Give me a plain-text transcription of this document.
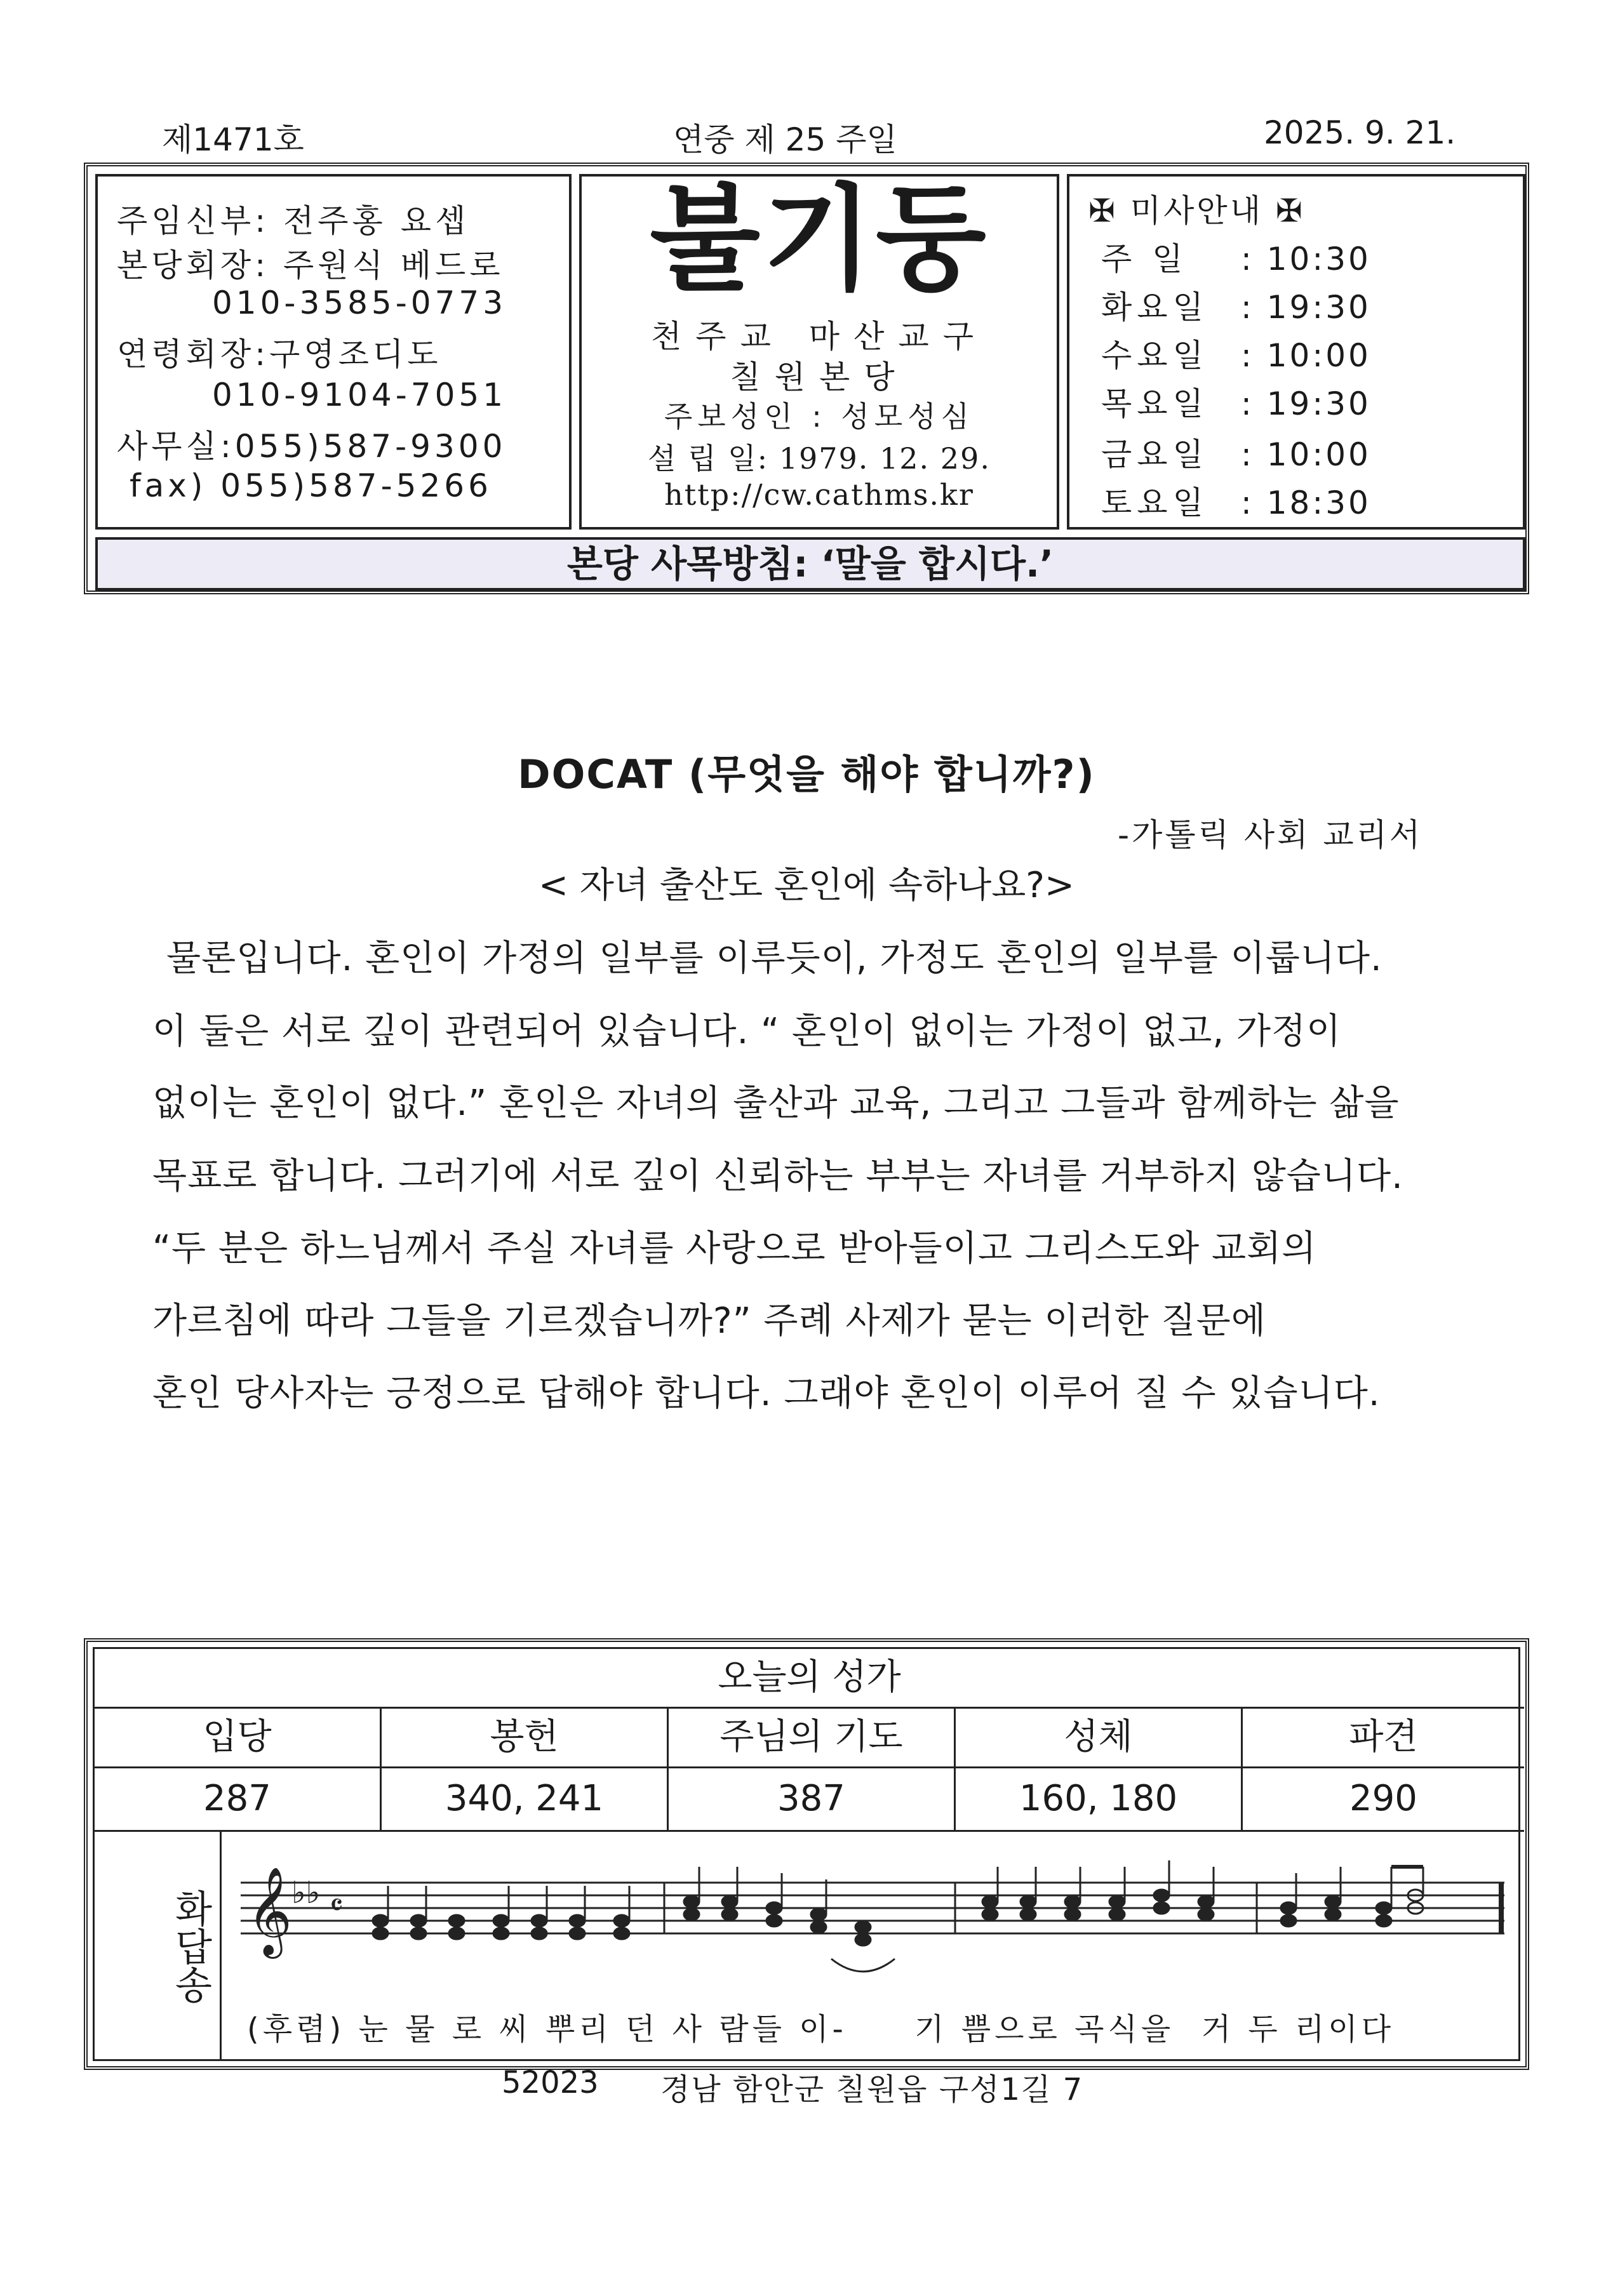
제1471호	연중 제 25 주일	2025. 9. 21.
주임신부: 전주홍 요셉
본당회장: 주원식 베드로
010-3585-0773
연령회장:구영조디도
010-9104-7051
사무실:055)587-9300
fax) 055)587-5266
불기둥
천주교 마산교구
칠원본당
주보성인 : 성모성심
설 립 일: 1979. 12. 29.
http://cw.cathms.kr
✠ 미사안내 ✠
주 일 : 10:30
화요일 : 19:30
수요일 : 10:00
목요일 : 19:30
금요일 : 10:00
토요일 : 18:30
본당 사목방침: ‘말을 합시다.’
DOCAT (무엇을 해야 합니까?)
-가톨릭 사회 교리서
< 자녀 출산도 혼인에 속하나요?>
물론입니다. 혼인이 가정의 일부를 이루듯이, 가정도 혼인의 일부를 이룹니다.
이 둘은 서로 깊이 관련되어 있습니다. “ 혼인이 없이는 가정이 없고, 가정이
없이는 혼인이 없다.” 혼인은 자녀의 출산과 교육, 그리고 그들과 함께하는 삶을
목표로 합니다. 그러기에 서로 깊이 신뢰하는 부부는 자녀를 거부하지 않습니다.
“두 분은 하느님께서 주실 자녀를 사랑으로 받아들이고 그리스도와 교회의
가르침에 따라 그들을 기르겠습니까?” 주례 사제가 묻는 이러한 질문에
혼인 당사자는 긍정으로 답해야 합니다. 그래야 혼인이 이루어 질 수 있습니다.
오늘의 성가
입당	봉헌	주님의 기도	성체	파견
287	340, 241	387	160, 180	290
화답송 𝄞 ♭♭ 𝄴
(후렴) 눈 물 로 씨 뿌리 던 사 람들 이-     기 쁨으로 곡식을  거 두 리이다
52023 경남 함안군 칠원읍 구성1길 7
